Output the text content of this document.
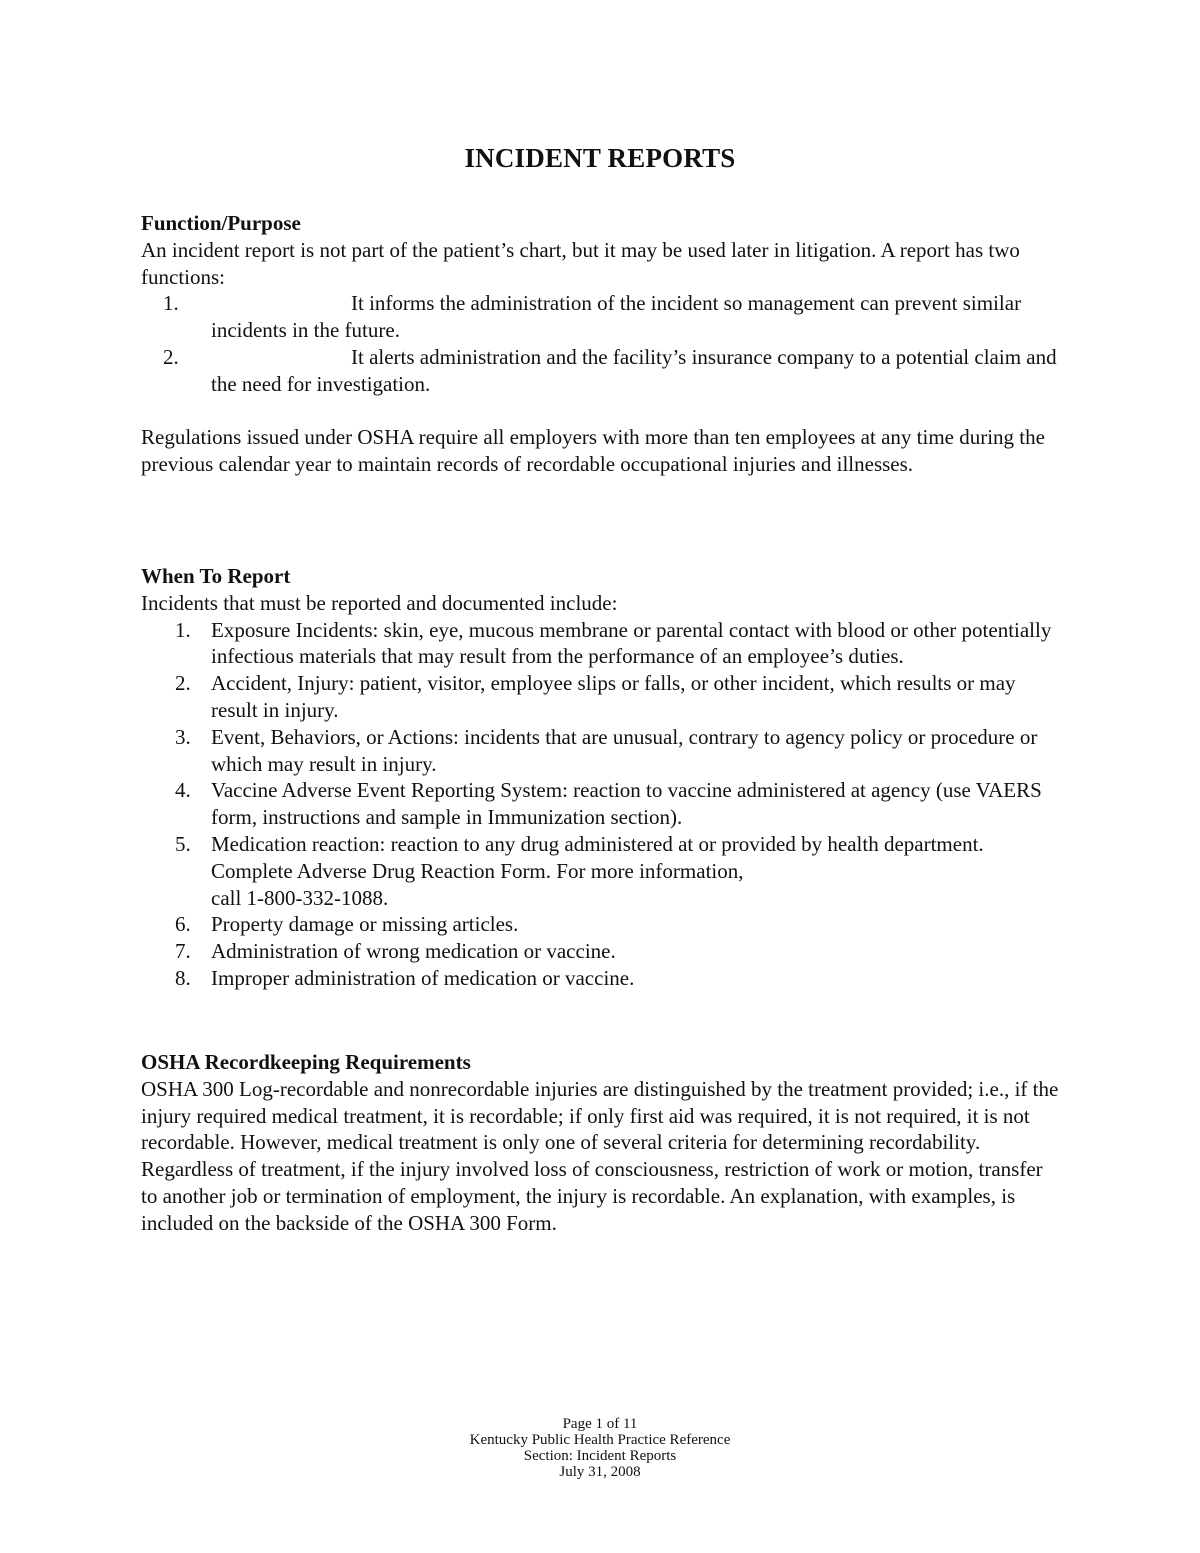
INCIDENT REPORTS
Function/Purpose

An incident report is not part of the patient’s chart, but it may be used later in litigation. A report has two functions:

1.	It informs the administration of the incident so management can prevent similar incidents in the future.
2.	It alerts administration and the facility’s insurance company to a potential claim and the need for investigation.

Regulations issued under OSHA require all employers with more than ten employees at any time during the previous calendar year to maintain records of recordable occupational injuries and illnesses.

When To Report

Incidents that must be reported and documented include:

1. Exposure Incidents: skin, eye, mucous membrane or parental contact with blood or other potentially infectious materials that may result from the performance of an employee’s duties.
2. Accident, Injury: patient, visitor, employee slips or falls, or other incident, which results or may result in injury.
3. Event, Behaviors, or Actions: incidents that are unusual, contrary to agency policy or procedure or which may result in injury.
4. Vaccine Adverse Event Reporting System: reaction to vaccine administered at agency (use VAERS form, instructions and sample in Immunization section).
5. Medication reaction: reaction to any drug administered at or provided by health department. Complete Adverse Drug Reaction Form. For more information,
call 1-800-332-1088.
6. Property damage or missing articles.
7. Administration of wrong medication or vaccine.
8. Improper administration of medication or vaccine.
OSHA Recordkeeping Requirements

OSHA 300 Log-recordable and nonrecordable injuries are distinguished by the treatment provided; i.e., if the injury required medical treatment, it is recordable; if only first aid was required, it is not required, it is not recordable. However, medical treatment is only one of several criteria for determining recordability. Regardless of treatment, if the injury involved loss of consciousness, restriction of work or motion, transfer to another job or termination of employment, the injury is recordable. An explanation, with examples, is included on the backside of the OSHA 300 Form.

Page 1 of 11
Kentucky Public Health Practice Reference
Section: Incident Reports
July 31, 2008
